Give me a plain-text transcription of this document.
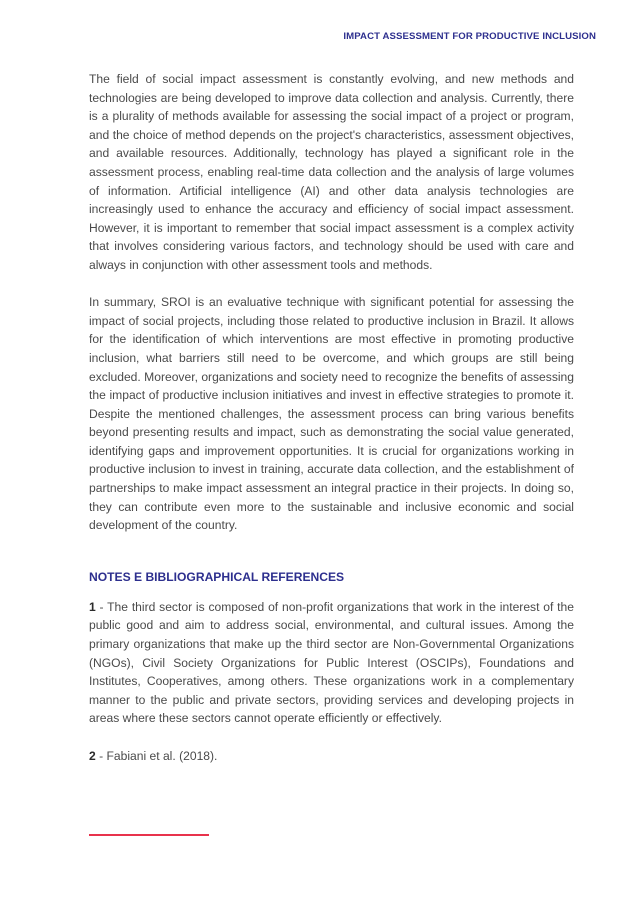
IMPACT ASSESSMENT FOR PRODUCTIVE INCLUSION

The field of social impact assessment is constantly evolving, and new methods and technologies are being developed to improve data collection and analysis. Currently, there is a plurality of methods available for assessing the social impact of a project or program, and the choice of method depends on the project's characteristics, assessment objectives, and available resources. Additionally, technology has played a significant role in the assessment process, enabling real-time data collection and the analysis of large volumes of information. Artificial intelligence (AI) and other data analysis technologies are increasingly used to enhance the accuracy and efficiency of social impact assessment. However, it is important to remember that social impact assessment is a complex activity that involves considering various factors, and technology should be used with care and always in conjunction with other assessment tools and methods.

In summary, SROI is an evaluative technique with significant potential for assessing the impact of social projects, including those related to productive inclusion in Brazil. It allows for the identification of which interventions are most effective in promoting productive inclusion, what barriers still need to be overcome, and which groups are still being excluded. Moreover, organizations and society need to recognize the benefits of assessing the impact of productive inclusion initiatives and invest in effective strategies to promote it. Despite the mentioned challenges, the assessment process can bring various benefits beyond presenting results and impact, such as demonstrating the social value generated, identifying gaps and improvement opportunities. It is crucial for organizations working in productive inclusion to invest in training, accurate data collection, and the establishment of partnerships to make impact assessment an integral practice in their projects. In doing so, they can contribute even more to the sustainable and inclusive economic and social development of the country.

NOTES E BIBLIOGRAPHICAL REFERENCES

1 - The third sector is composed of non-profit organizations that work in the interest of the public good and aim to address social, environmental, and cultural issues. Among the primary organizations that make up the third sector are Non-Governmental Organizations (NGOs), Civil Society Organizations for Public Interest (OSCIPs), Foundations and Institutes, Cooperatives, among others. These organizations work in a complementary manner to the public and private sectors, providing services and developing projects in areas where these sectors cannot operate efficiently or effectively.

2 - Fabiani et al. (2018).
